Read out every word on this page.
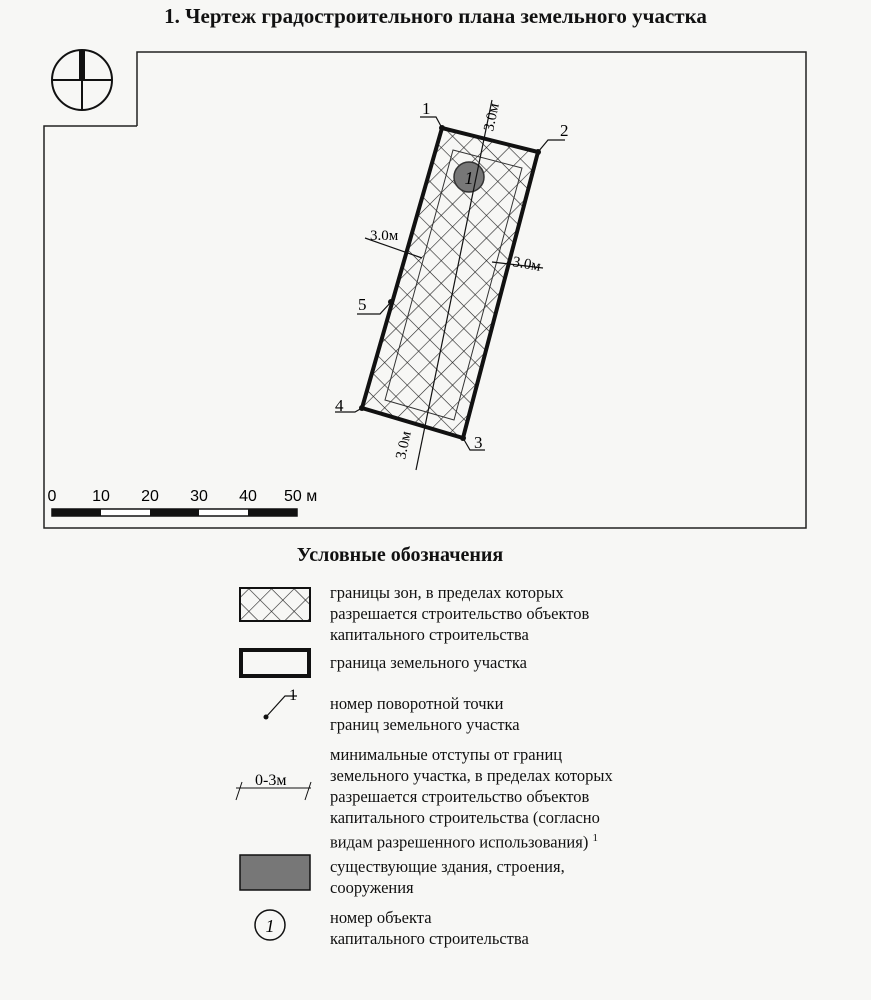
1. Чертеж градостроительного плана земельного участка
1
1
2
3
4
5
3.0м
3.0м
3.0м
3.0м
0 10 20 30 40 50 м
1
0-3м
1
Условные обозначения
границы зон, в пределах которых
разрешается строительство объектов
капитального строительства
граница земельного участка
номер поворотной точки
границ земельного участка
минимальные отступы от границ
земельного участка, в пределах которых
разрешается строительство объектов
капитального строительства (согласно
видам разрешенного использования) $^1$
существующие здания, строения,
сооружения
номер объекта
капитального строительства
